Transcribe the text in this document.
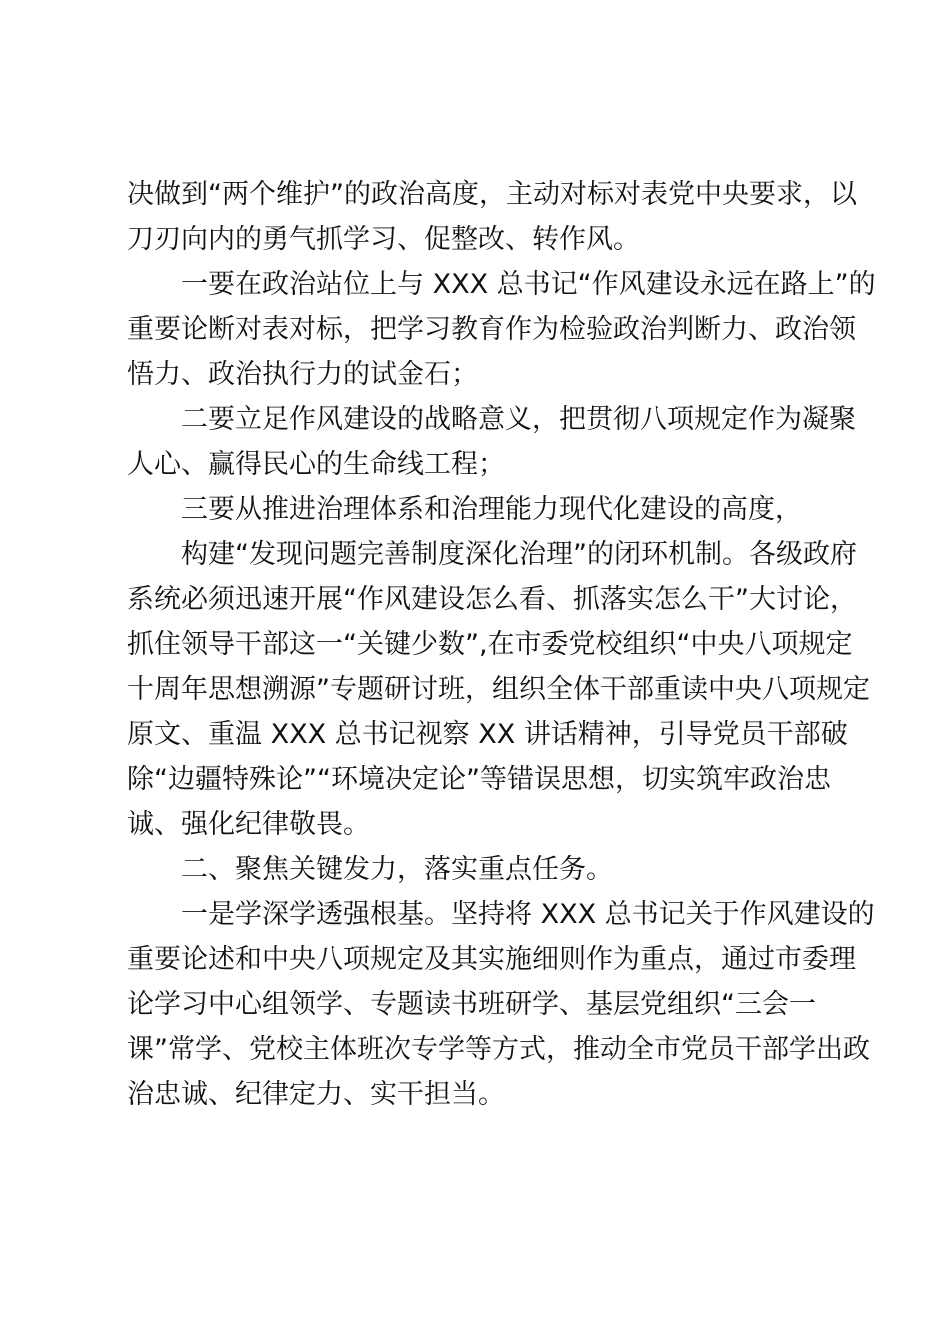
决做到“两个维护”的政治高度，主动对标对表党中央要求，以
刀刃向内的勇气抓学习、促整改、转作风。
一要在政治站位上与 XXX 总书记“作风建设永远在路上”的
重要论断对表对标，把学习教育作为检验政治判断力、政治领
悟力、政治执行力的试金石；
二要立足作风建设的战略意义，把贯彻八项规定作为凝聚
人心、赢得民心的生命线工程；
三要从推进治理体系和治理能力现代化建设的高度，
构建“发现问题完善制度深化治理”的闭环机制。各级政府
系统必须迅速开展“作风建设怎么看、抓落实怎么干”大讨论，
抓住领导干部这一“关键少数”,在市委党校组织“中央八项规定
十周年思想溯源”专题研讨班，组织全体干部重读中央八项规定
原文、重温 XXX 总书记视察 XX 讲话精神，引导党员干部破
除“边疆特殊论”“环境决定论”等错误思想，切实筑牢政治忠
诚、强化纪律敬畏。
二、聚焦关键发力，落实重点任务。
一是学深学透强根基。坚持将 XXX 总书记关于作风建设的
重要论述和中央八项规定及其实施细则作为重点，通过市委理
论学习中心组领学、专题读书班研学、基层党组织“三会一
课”常学、党校主体班次专学等方式，推动全市党员干部学出政
治忠诚、纪律定力、实干担当。
